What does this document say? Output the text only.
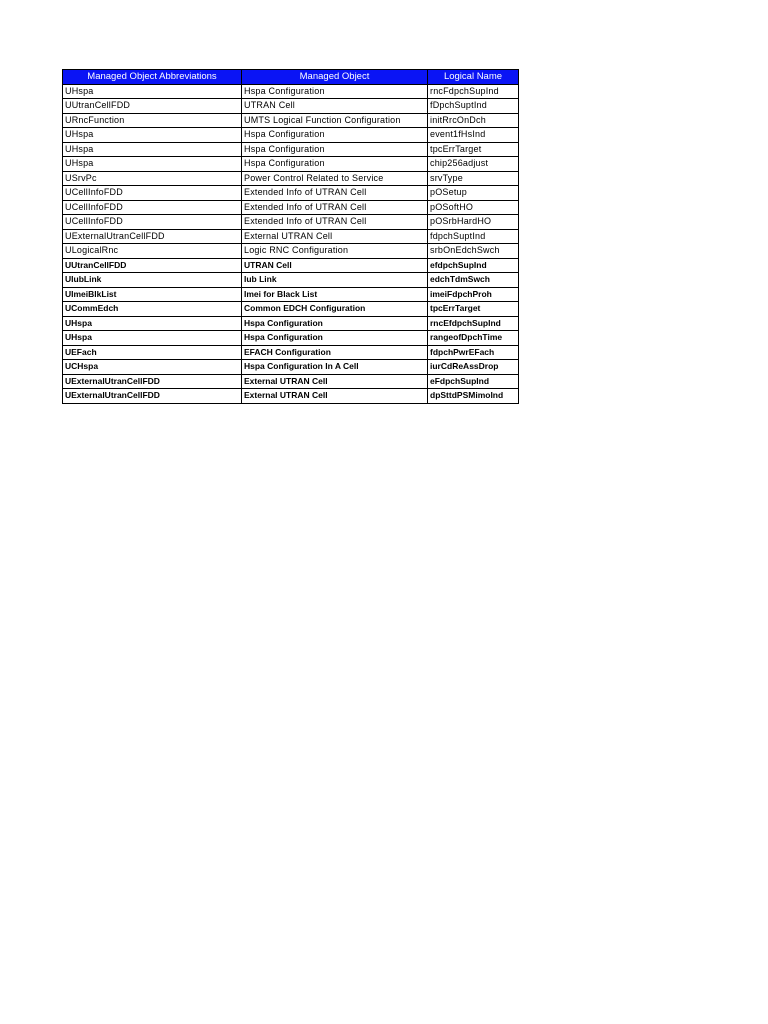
Managed Object Abbreviations	Managed Object	Logical Name
UHspa	Hspa Configuration	rncFdpchSupInd
UUtranCellFDD	UTRAN Cell	fDpchSuptInd
URncFunction	UMTS Logical Function Configuration	initRrcOnDch
UHspa	Hspa Configuration	event1fHsInd
UHspa	Hspa Configuration	tpcErrTarget
UHspa	Hspa Configuration	chip256adjust
USrvPc	Power Control Related to Service	srvType
UCellInfoFDD	Extended Info of UTRAN Cell	pOSetup
UCellInfoFDD	Extended Info of UTRAN Cell	pOSoftHO
UCellInfoFDD	Extended Info of UTRAN Cell	pOSrbHardHO
UExternalUtranCellFDD	External UTRAN Cell	fdpchSuptInd
ULogicalRnc	Logic RNC Configuration	srbOnEdchSwch
UUtranCellFDD	UTRAN Cell	efdpchSupInd
UIubLink	Iub Link	edchTdmSwch
UImeiBlkList	Imei for Black List	imeiFdpchProh
UCommEdch	Common EDCH Configuration	tpcErrTarget
UHspa	Hspa Configuration	rncEfdpchSupInd
UHspa	Hspa Configuration	rangeofDpchTime
UEFach	EFACH Configuration	fdpchPwrEFach
UCHspa	Hspa Configuration In A Cell	iurCdReAssDrop
UExternalUtranCellFDD	External UTRAN Cell	eFdpchSupInd
UExternalUtranCellFDD	External UTRAN Cell	dpSttdPSMimoInd
